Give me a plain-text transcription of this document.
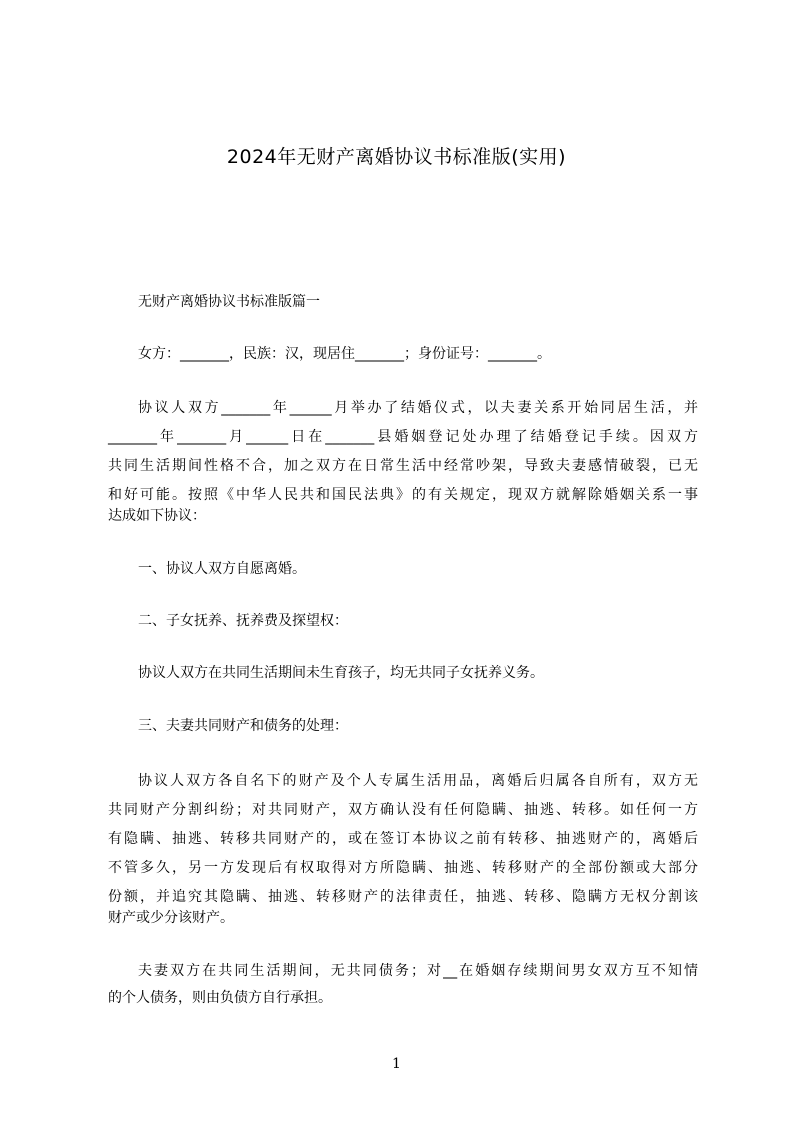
2024年无财产离婚协议书标准版(实用)
无财产离婚协议书标准版篇一
女方：_______，民族：汉，现居住_______；身份证号：_______。
协议人双方_______年______月举办了结婚仪式，以夫妻关系开始同居生活，并
_______年_______月______日在_______县婚姻登记处办理了结婚登记手续。因双方
共同生活期间性格不合，加之双方在日常生活中经常吵架，导致夫妻感情破裂，已无
和好可能。按照《中华人民共和国民法典》的有关规定，现双方就解除婚姻关系一事
达成如下协议：
一、协议人双方自愿离婚。
二、子女抚养、抚养费及探望权：
协议人双方在共同生活期间未生育孩子，均无共同子女抚养义务。
三、夫妻共同财产和债务的处理：
协议人双方各自名下的财产及个人专属生活用品，离婚后归属各自所有，双方无
共同财产分割纠纷；对共同财产，双方确认没有任何隐瞒、抽逃、转移。如任何一方
有隐瞒、抽逃、转移共同财产的，或在签订本协议之前有转移、抽逃财产的，离婚后
不管多久，另一方发现后有权取得对方所隐瞒、抽逃、转移财产的全部份额或大部分
份额，并追究其隐瞒、抽逃、转移财产的法律责任，抽逃、转移、隐瞒方无权分割该
财产或少分该财产。
夫妻双方在共同生活期间，无共同债务；对__在婚姻存续期间男女双方互不知情
的个人债务，则由负债方自行承担。
1
